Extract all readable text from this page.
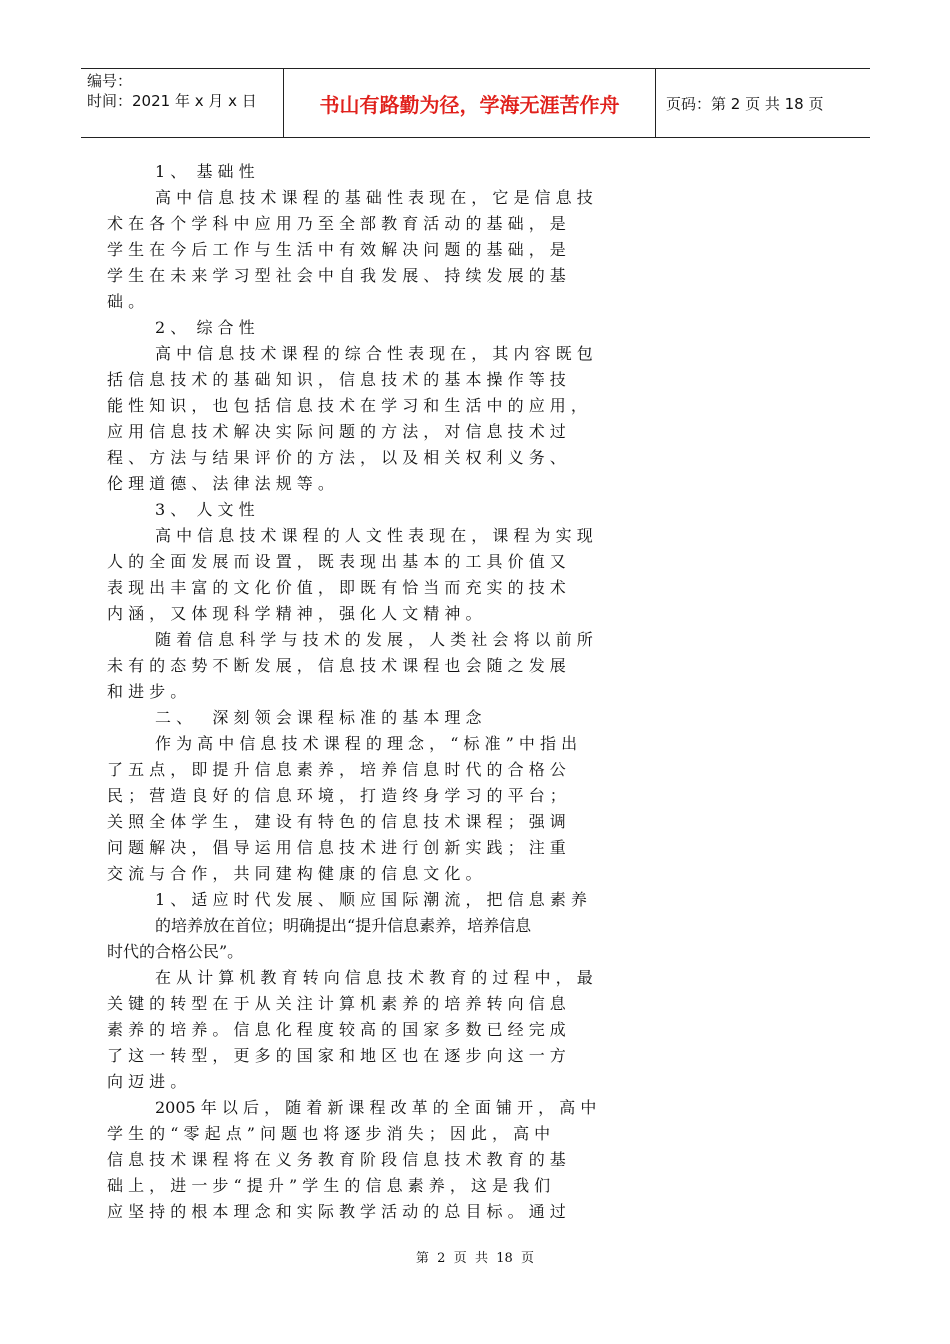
编号：
时间：2021 年 x 月 x 日	书山有路勤为径，学海无涯苦作舟	页码：第 2 页 共 18 页
1 、  基 础 性
高 中 信 息 技 术 课 程 的 基 础 性 表 现 在 ， 它 是 信 息 技
术 在 各 个 学 科 中 应 用 乃 至 全 部 教 育 活 动 的 基 础 ， 是
学 生 在 今 后 工 作 与 生 活 中 有 效 解 决 问 题 的 基 础 ， 是
学 生 在 未 来 学 习 型 社 会 中 自 我 发 展 、 持 续 发 展 的 基
础 。
2 、  综 合 性
高 中 信 息 技 术 课 程 的 综 合 性 表 现 在 ， 其 内 容 既 包
括 信 息 技 术 的 基 础 知 识 ， 信 息 技 术 的 基 本 操 作 等 技
能 性 知 识 ， 也 包 括 信 息 技 术 在 学 习 和 生 活 中 的 应 用 ，
应 用 信 息 技 术 解 决 实 际 问 题 的 方 法 ， 对 信 息 技 术 过
程 、 方 法 与 结 果 评 价 的 方 法 ， 以 及 相 关 权 利 义 务 、
伦 理 道 德 、 法 律 法 规 等 。
3 、  人 文 性
高 中 信 息 技 术 课 程 的 人 文 性 表 现 在 ， 课 程 为 实 现
人 的 全 面 发 展 而 设 置 ， 既 表 现 出 基 本 的 工 具 价 值 又
表 现 出 丰 富 的 文 化 价 值 ， 即 既 有 恰 当 而 充 实 的 技 术
内 涵 ， 又 体 现 科 学 精 神 ， 强 化 人 文 精 神 。
随 着 信 息 科 学 与 技 术 的 发 展 ， 人 类 社 会 将 以 前 所
未 有 的 态 势 不 断 发 展 ， 信 息 技 术 课 程 也 会 随 之 发 展
和 进 步 。
二 、    深 刻 领 会 课 程 标 准 的 基 本 理 念
作 为 高 中 信 息 技 术 课 程 的 理 念 ， “ 标 准 ” 中 指 出
了 五 点 ， 即 提 升 信 息 素 养 ， 培 养 信 息 时 代 的 合 格 公
民 ； 营 造 良 好 的 信 息 环 境 ， 打 造 终 身 学 习 的 平 台 ；
关 照 全 体 学 生 ， 建 设 有 特 色 的 信 息 技 术 课 程 ； 强 调
问 题 解 决 ， 倡 导 运 用 信 息 技 术 进 行 创 新 实 践 ； 注 重
交 流 与 合 作 ， 共 同 建 构 健 康 的 信 息 文 化 。
1 、 适 应 时 代 发 展 、 顺 应 国 际 潮 流 ， 把 信 息 素 养
的培养放在首位；明确提出“提升信息素养，培养信息
时代的合格公民”。
在 从 计 算 机 教 育 转 向 信 息 技 术 教 育 的 过 程 中 ， 最
关 键 的 转 型 在 于 从 关 注 计 算 机 素 养 的 培 养 转 向 信 息
素 养 的 培 养 。 信 息 化 程 度 较 高 的 国 家 多 数 已 经 完 成
了 这 一 转 型 ， 更 多 的 国 家 和 地 区 也 在 逐 步 向 这 一 方
向 迈 进 。
2005 年 以 后 ， 随 着 新 课 程 改 革 的 全 面 铺 开 ， 高 中
学 生 的 “ 零 起 点 ” 问 题 也 将 逐 步 消 失 ； 因 此 ， 高 中
信 息 技 术 课 程 将 在 义 务 教 育 阶 段 信 息 技 术 教 育 的 基
础 上 ， 进 一 步 “ 提 升 ” 学 生 的 信 息 素 养 ， 这 是 我 们
应 坚 持 的 根 本 理 念 和 实 际 教 学 活 动 的 总 目 标 。 通 过
第  2  页  共  18  页
